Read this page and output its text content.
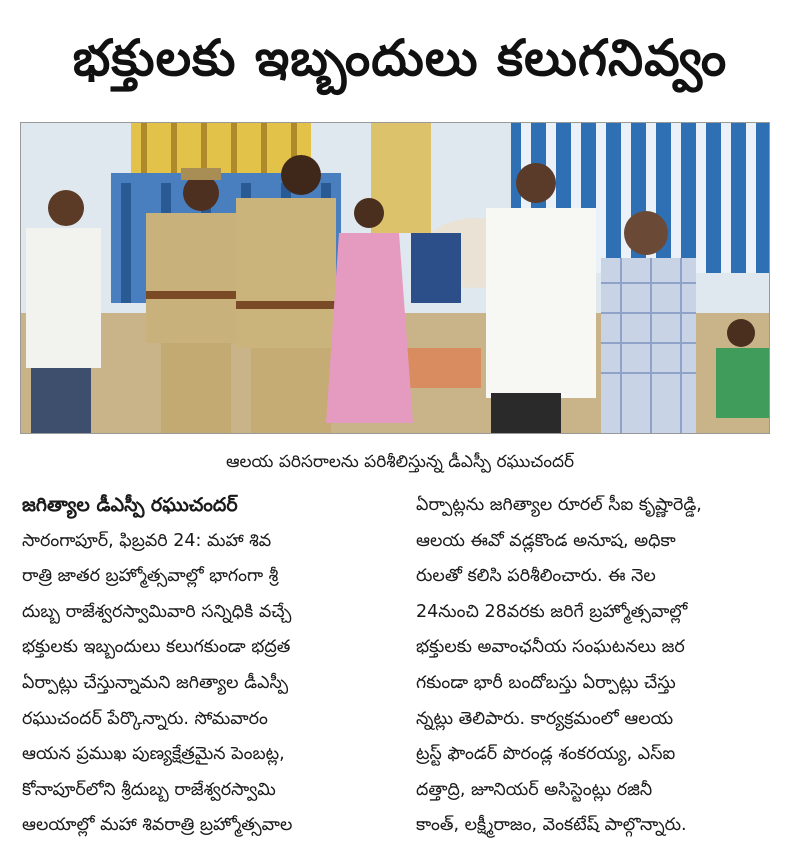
భక్తులకు ఇబ్బందులు కలుగనివ్వం
ఆలయ పరిసరాలను పరిశీలిస్తున్న డీఎస్పీ రఘుచందర్
జగిత్యాల డీఎస్పీ రఘుచందర్
సారంగాపూర్, ఫిబ్రవరి 24: మహా శివ
రాత్రి జాతర బ్రహ్మోత్సవాల్లో భాగంగా శ్రీ
దుబ్బ రాజేశ్వరస్వామివారి సన్నిధికి వచ్చే
భక్తులకు ఇబ్బందులు కలుగకుండా భద్రత
ఏర్పాట్లు చేస్తున్నామని జగిత్యాల డీఎస్పీ
రఘుచందర్ పేర్కొన్నారు. సోమవారం
ఆయన ప్రముఖ పుణ్యక్షేత్రమైన పెంబట్ల,
కోనాపూర్‌లోని శ్రీదుబ్బ రాజేశ్వరస్వామి
ఆలయాల్లో మహా శివరాత్రి బ్రహ్మోత్సవాల
ఏర్పాట్లను జగిత్యాల రూరల్ సీఐ కృష్ణారెడ్డి,
ఆలయ ఈవో వడ్లకొండ అనూష, అధికా
రులతో కలిసి పరిశీలించారు. ఈ నెల
24నుంచి 28వరకు జరిగే బ్రహ్మోత్సవాల్లో
భక్తులకు అవాంఛనీయ సంఘటనలు జర
గకుండా భారీ బందోబస్తు ఏర్పాట్లు చేస్తు
న్నట్లు తెలిపారు. కార్యక్రమంలో ఆలయ
ట్రస్ట్ ఫౌండర్ పొరండ్ల శంకరయ్య, ఎస్ఐ
దత్తాద్రి, జూనియర్ అసిస్టెంట్లు రజినీ
కాంత్, లక్ష్మీరాజం, వెంకటేష్ పాల్గొన్నారు.
